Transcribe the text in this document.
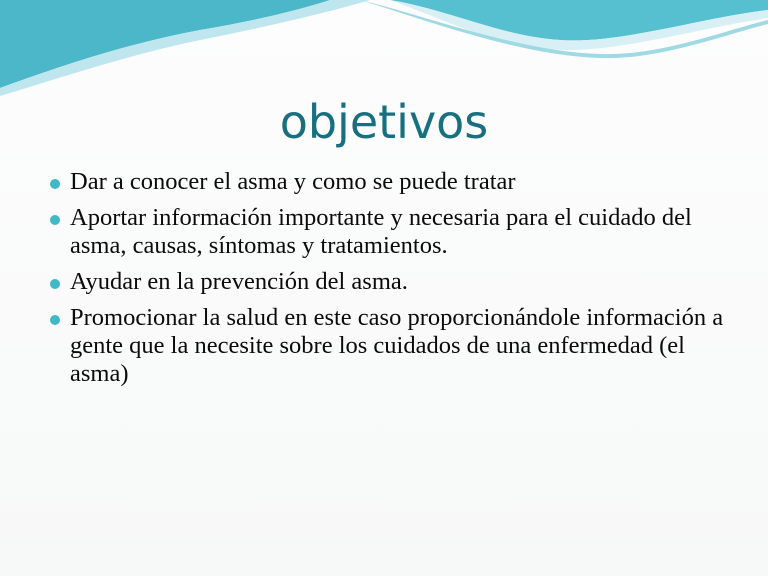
objetivos
Dar a conocer el asma y como se puede tratar
Aportar información importante y necesaria para el cuidado del asma, causas, síntomas y tratamientos.
Ayudar en la prevención del asma.
Promocionar la salud en este caso proporcionándole información a gente que la necesite sobre los cuidados de una enfermedad (el asma)
